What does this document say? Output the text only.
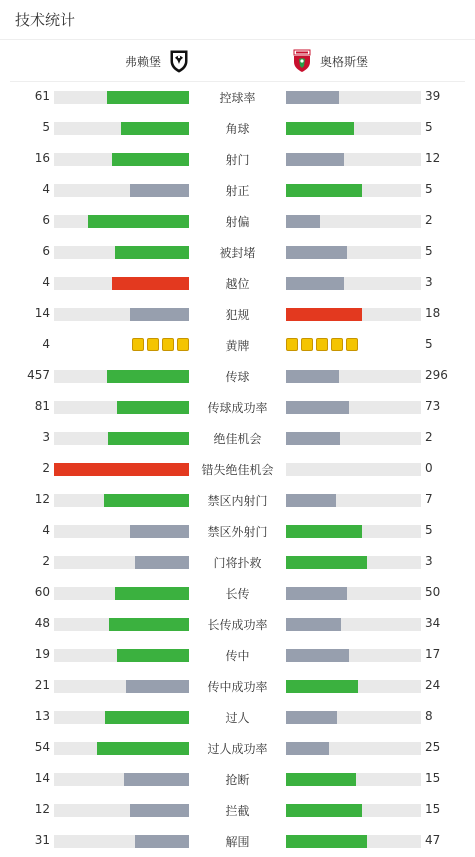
技术统计
弗赖堡	奥格斯堡
61	控球率	39
5	角球	5
16	射门	12
4	射正	5
6	射偏	2
6	被封堵	5
4	越位	3
14	犯规	18
4	黄牌	5
457	传球	296
81	传球成功率	73
3	绝佳机会	2
2	错失绝佳机会	0
12	禁区内射门	7
4	禁区外射门	5
2	门将扑救	3
60	长传	50
48	长传成功率	34
19	传中	17
21	传中成功率	24
13	过人	8
54	过人成功率	25
14	抢断	15
12	拦截	15
31	解围	47
